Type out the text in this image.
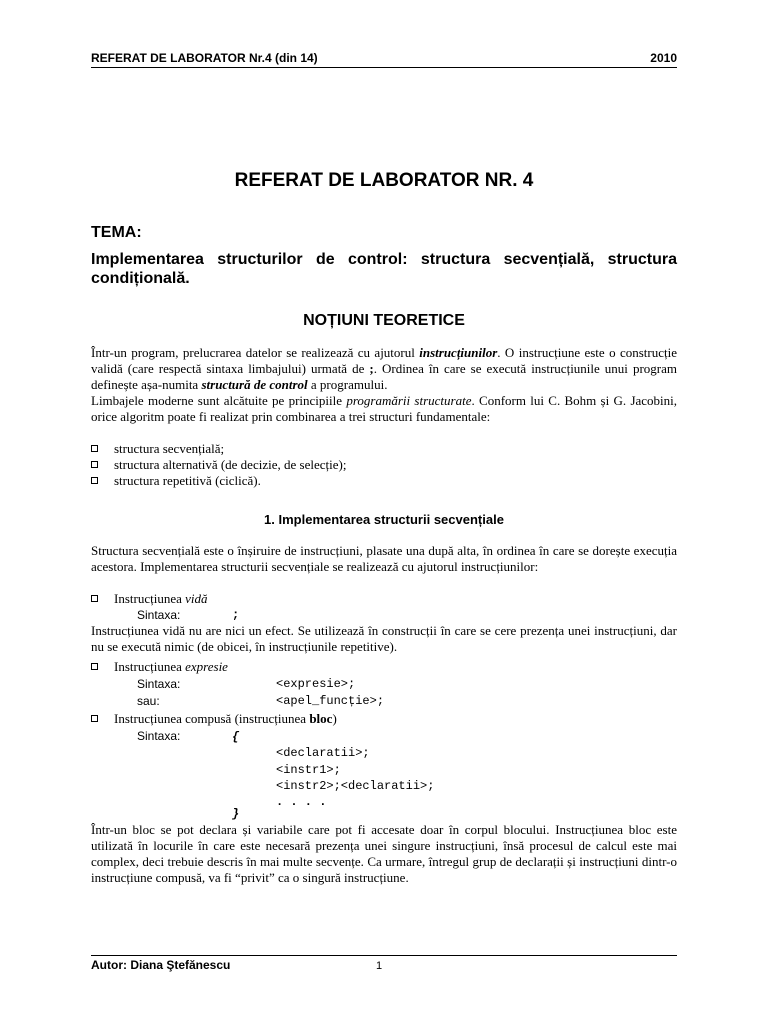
REFERAT DE LABORATOR Nr.4 (din 14)	2010
REFERAT DE LABORATOR NR. 4
TEMA:
Implementarea structurilor de control: structura secvențială, structura condițională.
NOȚIUNI TEORETICE

Într-un program, prelucrarea datelor se realizează cu ajutorul instrucțiunilor. O instrucțiune este o construcție validă (care respectă sintaxa limbajului) urmată de ;. Ordinea în care se execută instrucțiunile unui program definește așa-numita structură de control a programului.

Limbajele moderne sunt alcătuite pe principiile programării structurate. Conform lui C. Bohm și G. Jacobini, orice algoritm poate fi realizat prin combinarea a trei structuri fundamentale:

structura secvențială;
structura alternativă (de decizie, de selecție);
structura repetitivă (ciclică).
1. Implementarea structurii secvențiale
Structura secvențială este o înșiruire de instrucțiuni, plasate una după alta, în ordinea în care se dorește execuția acestora. Implementarea structurii secvențiale se realizează cu ajutorul instrucțiunilor:
Instrucțiunea vidă
Sintaxa:	;
Instrucțiunea vidă nu are nici un efect. Se utilizează în construcții în care se cere prezența unei instrucțiuni, dar nu se execută nimic (de obicei, în instrucțiunile repetitive).
Instrucțiunea expresie
Sintaxa:	<expresie>;
sau:	<apel_funcție>;
Instrucțiunea compusă (instrucțiunea bloc)
Sintaxa:	{
<declaratii>;
<instr1>;
<instr2>;<declaratii>;
. . . .
}
Într-un bloc se pot declara și variabile care pot fi accesate doar în corpul blocului. Instrucțiunea bloc este utilizată în locurile în care este necesară prezența unei singure instrucțiuni, însă procesul de calcul este mai complex, deci trebuie descris în mai multe secvențe. Ca urmare, întregul grup de declarații și instrucțiuni dintr-o instrucțiune compusă, va fi “privit” ca o singură instrucțiune.
Autor: Diana Ştefănescu	1
